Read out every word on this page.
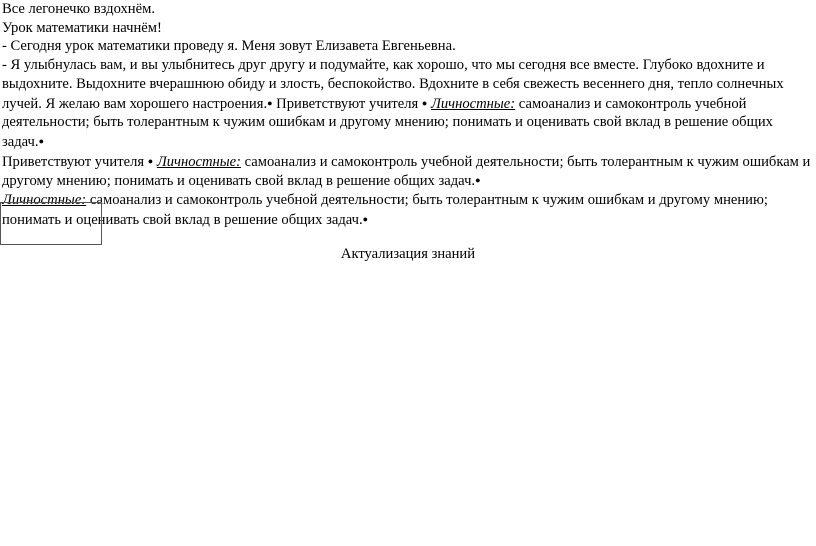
Все легонечко вздохнём.

Урок математики начнём!

- Сегодня урок математики проведу я. Меня зовут Елизавета Евгеньевна.

- Я улыбнулась вам, и вы улыбнитесь друг другу и подумайте, как хорошо, что мы сегодня все вместе. Глубоко вдохните и выдохните. Выдохните вчерашнюю обиду и злость, беспокойство. Вдохните в себя свежесть весеннего дня, тепло солнечных лучей. Я желаю вам хорошего настроения.● Приветствуют учителя ● Личностные: самоанализ и самоконтроль учебной деятельности; быть толерантным к чужим ошибкам и другому мнению; понимать и оценивать свой вклад в решение общих задач.●

Приветствуют учителя ● Личностные: самоанализ и самоконтроль учебной деятельности; быть толерантным к чужим ошибкам и другому мнению; понимать и оценивать свой вклад в решение общих задач.●

Личностные: самоанализ и самоконтроль учебной деятельности; быть толерантным к чужим ошибкам и другому мнению; понимать и оценивать свой вклад в решение общих задач.●

Актуализация знаний
